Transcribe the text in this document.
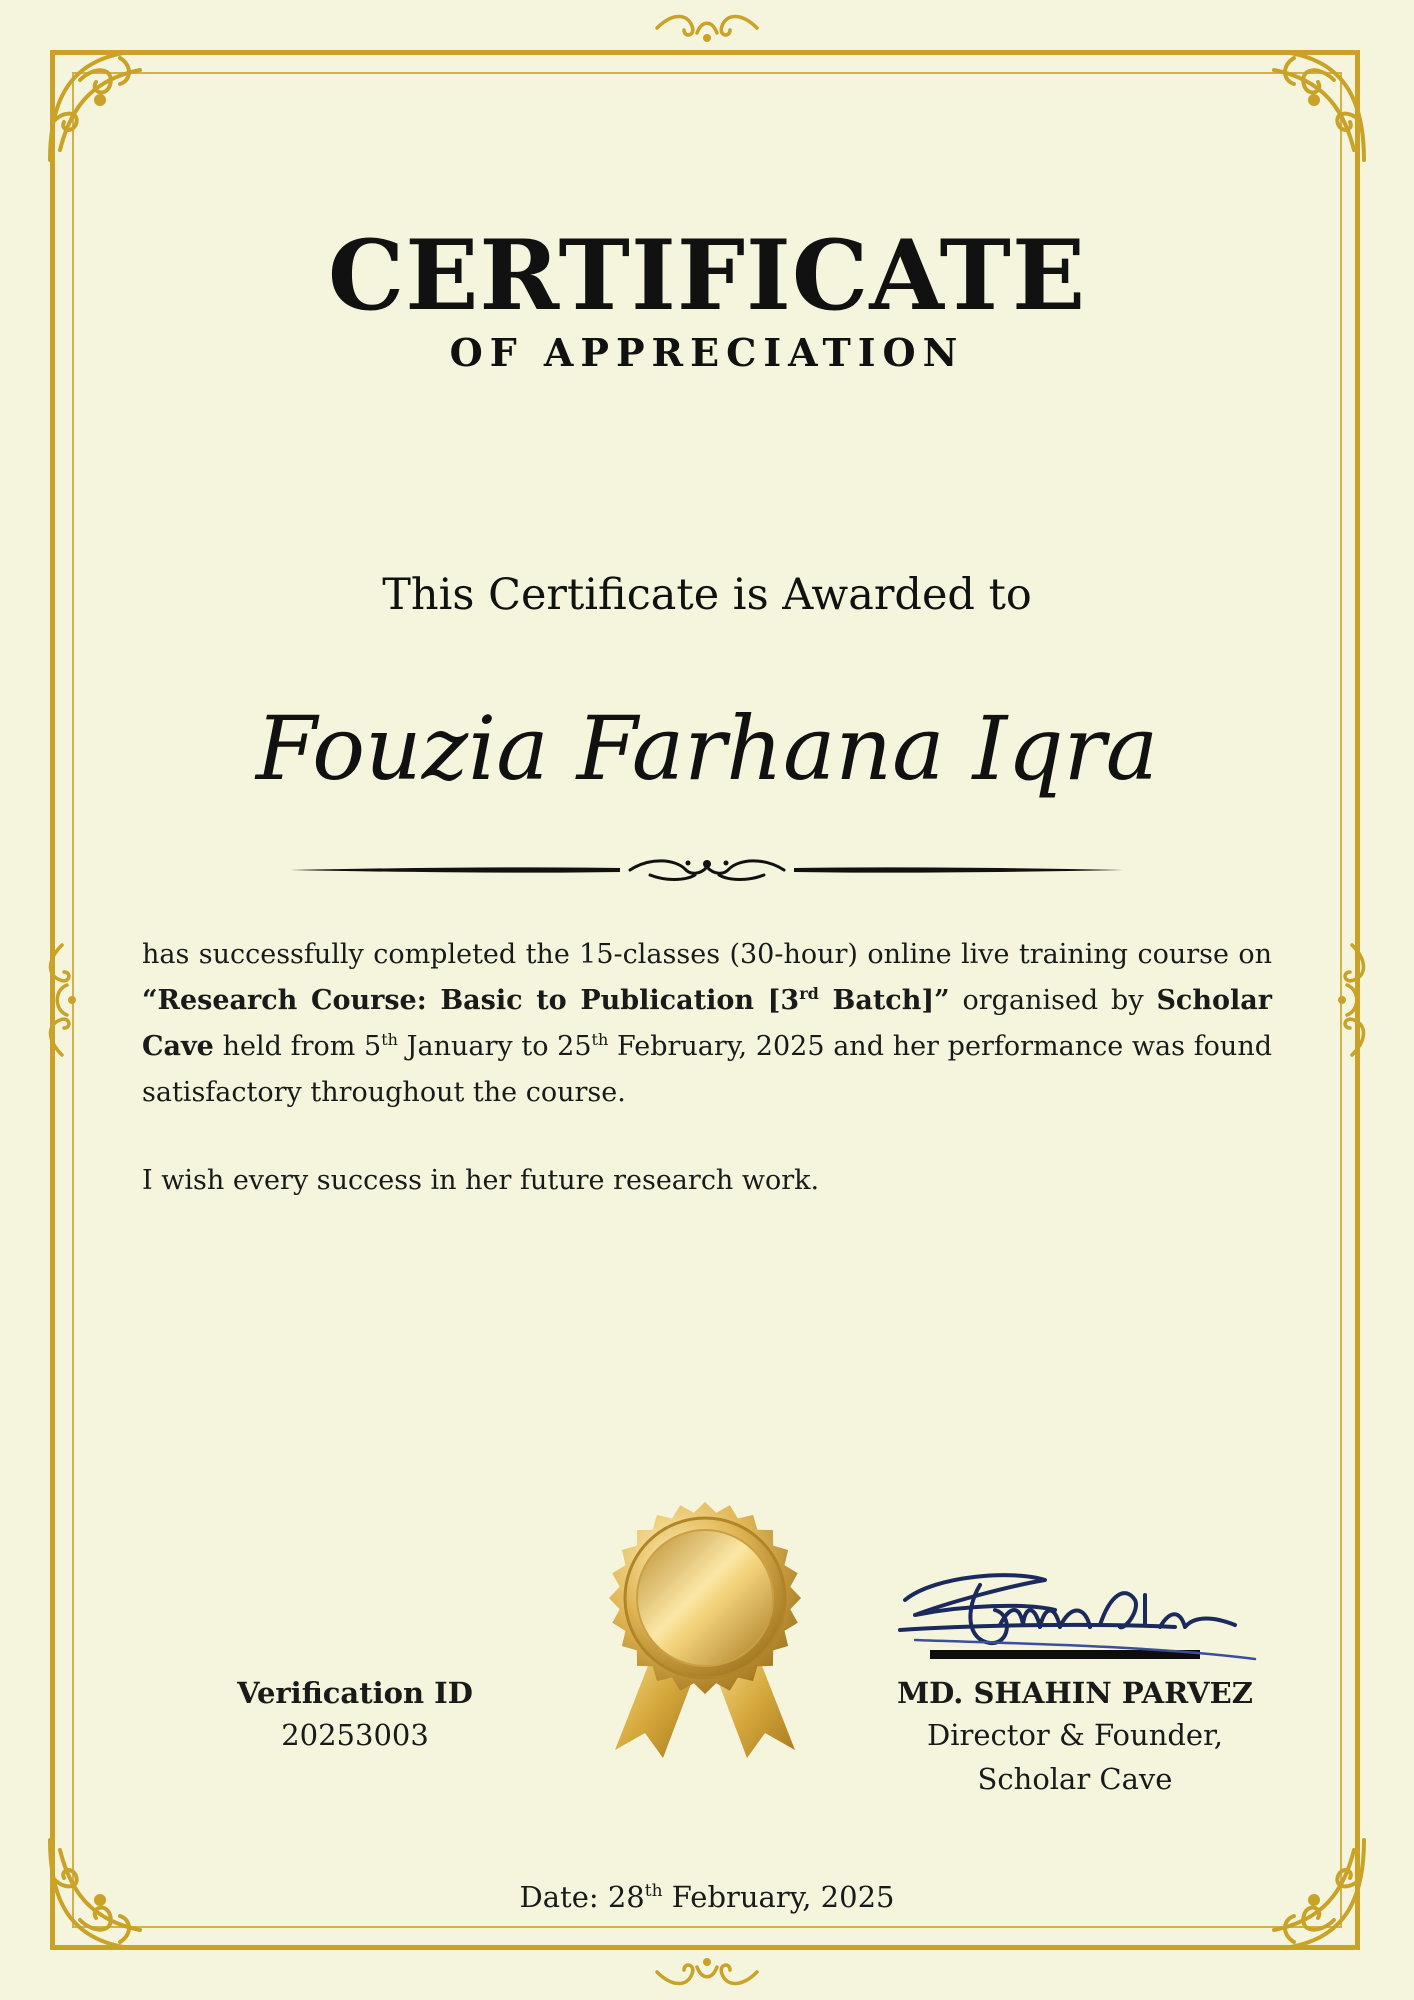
CERTIFICATE
OF APPRECIATION
This Certificate is Awarded to
Fouzia Farhana Iqra
has successfully completed the 15-classes (30-hour) online live training course on “Research Course: Basic to Publication [3rd Batch]” organised by Scholar Cave held from 5th January to 25th February, 2025 and her performance was found satisfactory throughout the course.
I wish every success in her future research work.
Verification ID
20253003
MD. SHAHIN PARVEZ
Director & Founder,
Scholar Cave
Date: 28th February, 2025
